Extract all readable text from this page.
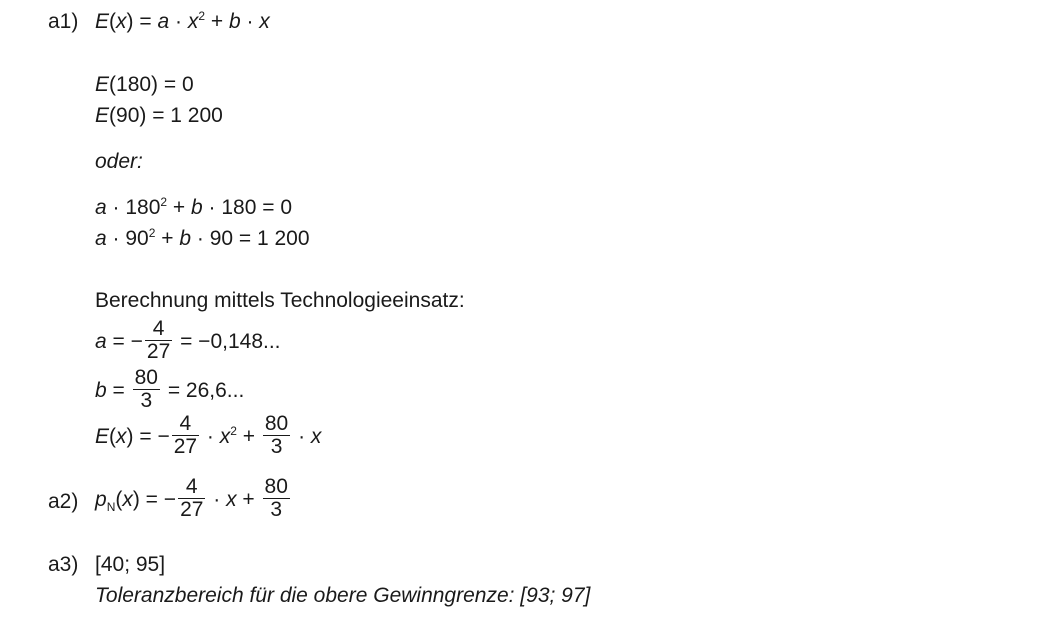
a1) $E(x) = a \cdot x^2 + b \cdot x$
E(180) = 0
E(90) = 1 200
oder:
$a \cdot 180^2 + b \cdot 180 = 0$
$a \cdot 90^2 + b \cdot 90 = 1$ 200
Berechnung mittels Technologieeinsatz:
a = − $\frac{4}{27} = -0,148$...
$b = \frac{80}{3} = 26,6$...
E(x) = − $\frac{4}{27} \cdot x^2 + \frac{80}{3} \cdot x$
a2) $p_N(x)$ = − $\frac{4}{27} \cdot x + \frac{80}{3}$
a3) [40; 95]
Toleranzbereich für die obere Gewinngrenze: [93; 97]
